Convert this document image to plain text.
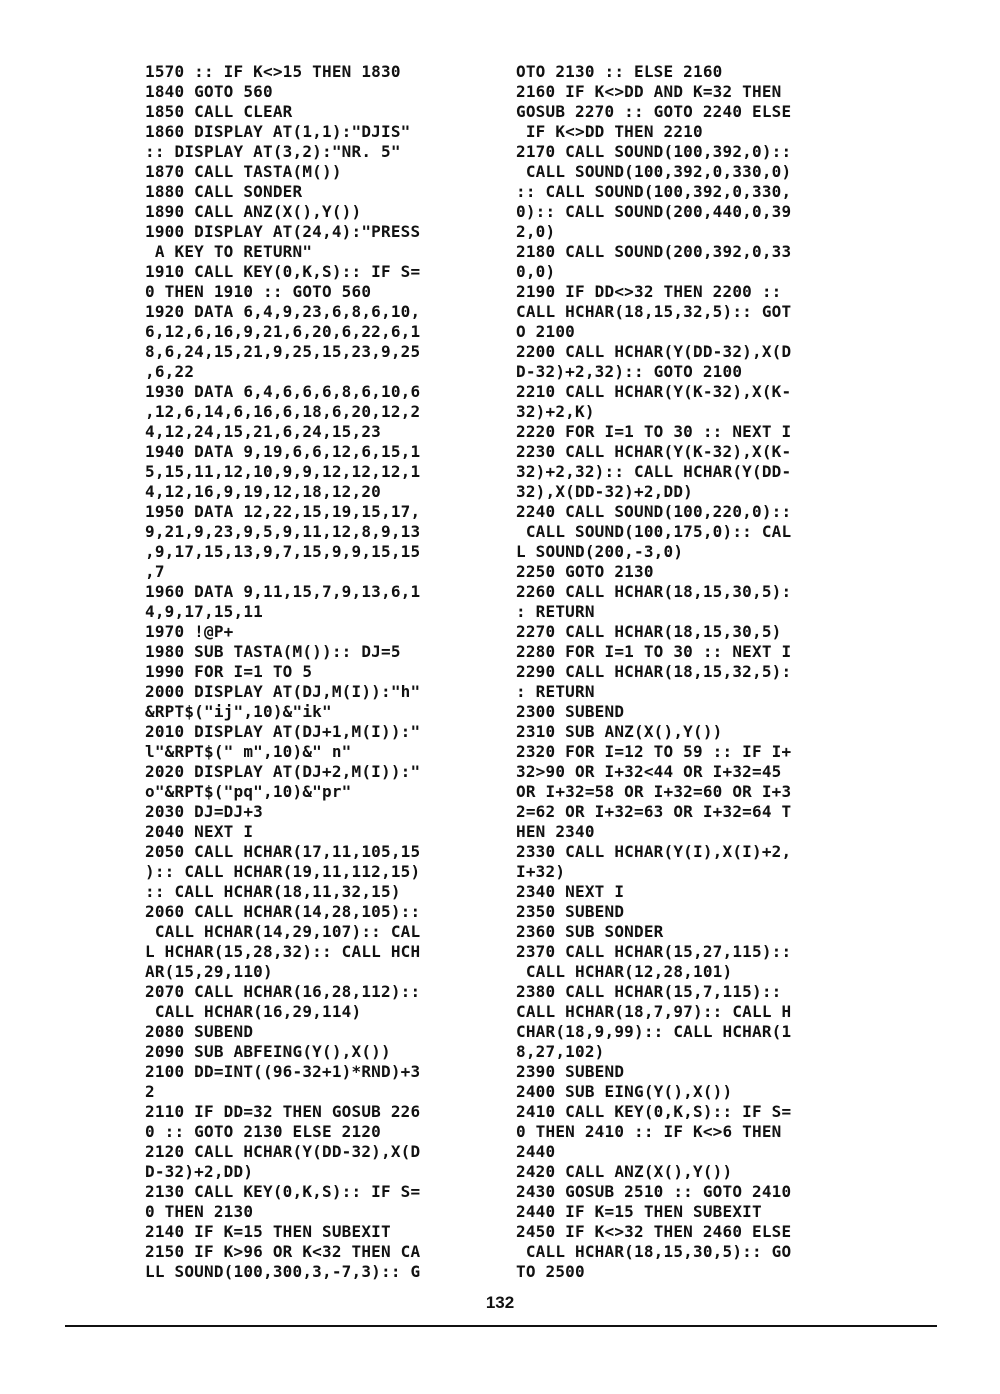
1570 :: IF K<>15 THEN 1830
1840 GOTO 560
1850 CALL CLEAR
1860 DISPLAY AT(1,1):"DJIS"
:: DISPLAY AT(3,2):"NR. 5"
1870 CALL TASTA(M())
1880 CALL SONDER
1890 CALL ANZ(X(),Y())
1900 DISPLAY AT(24,4):"PRESS
A KEY TO RETURN"
1910 CALL KEY(0,K,S):: IF S=
0 THEN 1910 :: GOTO 560
1920 DATA 6,4,9,23,6,8,6,10,
6,12,6,16,9,21,6,20,6,22,6,1
8,6,24,15,21,9,25,15,23,9,25
,6,22
1930 DATA 6,4,6,6,6,8,6,10,6
,12,6,14,6,16,6,18,6,20,12,2
4,12,24,15,21,6,24,15,23
1940 DATA 9,19,6,6,12,6,15,1
5,15,11,12,10,9,9,12,12,12,1
4,12,16,9,19,12,18,12,20
1950 DATA 12,22,15,19,15,17,
9,21,9,23,9,5,9,11,12,8,9,13
,9,17,15,13,9,7,15,9,9,15,15
,7
1960 DATA 9,11,15,7,9,13,6,1
4,9,17,15,11
1970 !@P+
1980 SUB TASTA(M()):: DJ=5
1990 FOR I=1 TO 5
2000 DISPLAY AT(DJ,M(I)):"h"
&RPT$("ij",10)&"ik"
2010 DISPLAY AT(DJ+1,M(I)):"
l"&RPT$(" m",10)&" n"
2020 DISPLAY AT(DJ+2,M(I)):"
o"&RPT$("pq",10)&"pr"
2030 DJ=DJ+3
2040 NEXT I
2050 CALL HCHAR(17,11,105,15
):: CALL HCHAR(19,11,112,15)
:: CALL HCHAR(18,11,32,15)
2060 CALL HCHAR(14,28,105)::
CALL HCHAR(14,29,107):: CAL
L HCHAR(15,28,32):: CALL HCH
AR(15,29,110)
2070 CALL HCHAR(16,28,112)::
CALL HCHAR(16,29,114)
2080 SUBEND
2090 SUB ABFEING(Y(),X())
2100 DD=INT((96-32+1)*RND)+3
2
2110 IF DD=32 THEN GOSUB 226
0 :: GOTO 2130 ELSE 2120
2120 CALL HCHAR(Y(DD-32),X(D
D-32)+2,DD)
2130 CALL KEY(0,K,S):: IF S=
0 THEN 2130
2140 IF K=15 THEN SUBEXIT
2150 IF K>96 OR K<32 THEN CA
LL SOUND(100,300,3,-7,3):: G
OTO 2130 :: ELSE 2160
2160 IF K<>DD AND K=32 THEN
GOSUB 2270 :: GOTO 2240 ELSE
IF K<>DD THEN 2210
2170 CALL SOUND(100,392,0)::
CALL SOUND(100,392,0,330,0)
:: CALL SOUND(100,392,0,330,
0):: CALL SOUND(200,440,0,39
2,0)
2180 CALL SOUND(200,392,0,33
0,0)
2190 IF DD<>32 THEN 2200 ::
CALL HCHAR(18,15,32,5):: GOT
O 2100
2200 CALL HCHAR(Y(DD-32),X(D
D-32)+2,32):: GOTO 2100
2210 CALL HCHAR(Y(K-32),X(K-
32)+2,K)
2220 FOR I=1 TO 30 :: NEXT I
2230 CALL HCHAR(Y(K-32),X(K-
32)+2,32):: CALL HCHAR(Y(DD-
32),X(DD-32)+2,DD)
2240 CALL SOUND(100,220,0)::
CALL SOUND(100,175,0):: CAL
L SOUND(200,-3,0)
2250 GOTO 2130
2260 CALL HCHAR(18,15,30,5):
: RETURN
2270 CALL HCHAR(18,15,30,5)
2280 FOR I=1 TO 30 :: NEXT I
2290 CALL HCHAR(18,15,32,5):
: RETURN
2300 SUBEND
2310 SUB ANZ(X(),Y())
2320 FOR I=12 TO 59 :: IF I+
32>90 OR I+32<44 OR I+32=45
OR I+32=58 OR I+32=60 OR I+3
2=62 OR I+32=63 OR I+32=64 T
HEN 2340
2330 CALL HCHAR(Y(I),X(I)+2,
I+32)
2340 NEXT I
2350 SUBEND
2360 SUB SONDER
2370 CALL HCHAR(15,27,115)::
CALL HCHAR(12,28,101)
2380 CALL HCHAR(15,7,115)::
CALL HCHAR(18,7,97):: CALL H
CHAR(18,9,99):: CALL HCHAR(1
8,27,102)
2390 SUBEND
2400 SUB EING(Y(),X())
2410 CALL KEY(0,K,S):: IF S=
0 THEN 2410 :: IF K<>6 THEN
2440
2420 CALL ANZ(X(),Y())
2430 GOSUB 2510 :: GOTO 2410
2440 IF K=15 THEN SUBEXIT
2450 IF K<>32 THEN 2460 ELSE
CALL HCHAR(18,15,30,5):: GO
TO 2500
132
